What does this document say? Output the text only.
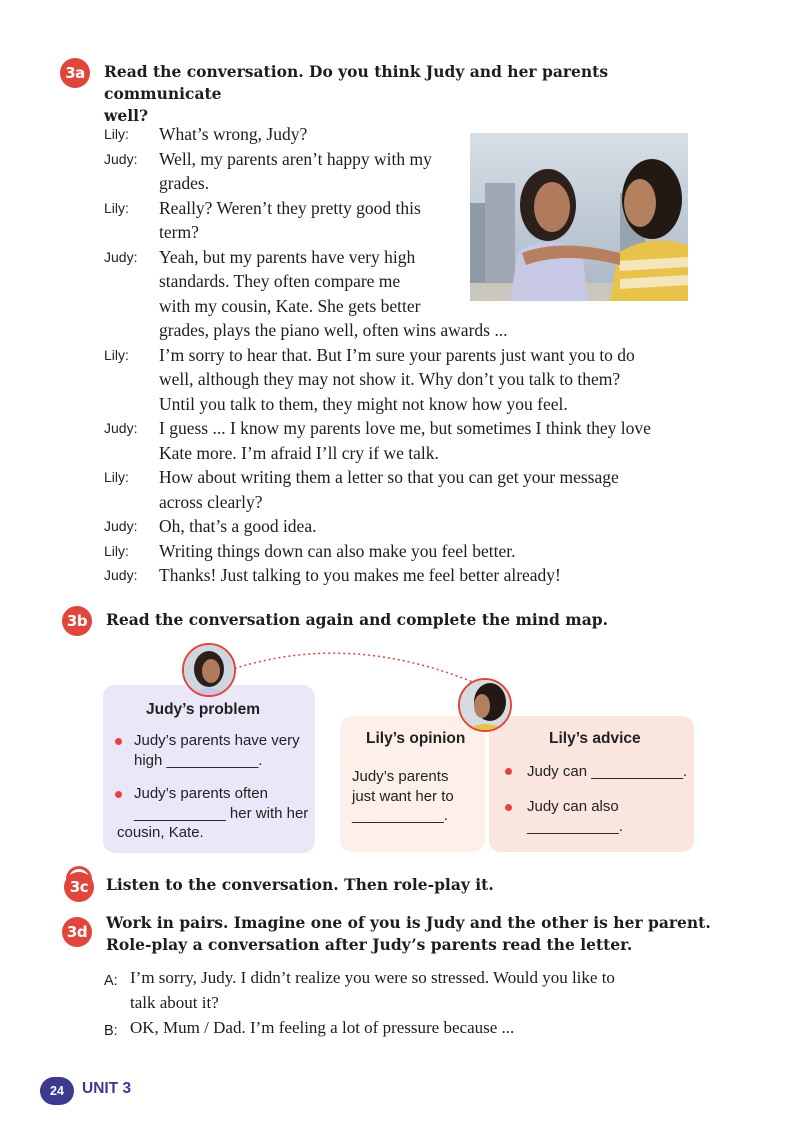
3a	Read the conversation. Do you think Judy and her parents communicate
well?
Lily: What’s wrong, Judy?
Judy: Well, my parents aren’t happy with my
grades.
Lily: Really? Weren’t they pretty good this
term?
Judy: Yeah, but my parents have very high
standards. They often compare me
with my cousin, Kate. She gets better
grades, plays the piano well, often wins awards ...
Lily: I’m sorry to hear that. But I’m sure your parents just want you to do
well, although they may not show it. Why don’t you talk to them?
Until you talk to them, they might not know how you feel.
Judy: I guess ... I know my parents love me, but sometimes I think they love
Kate more. I’m afraid I’ll cry if we talk.
Lily: How about writing them a letter so that you can get your message
across clearly?
Judy: Oh, that’s a good idea.
Lily: Writing things down can also make you feel better.
Judy: Thanks! Just talking to you makes me feel better already!
3b	Read the conversation again and complete the mind map.
Judy’s problem
Judy’s parents have very
high ___________.
Judy’s parents often
___________ her with her
cousin, Kate.
Lily’s opinion
Judy’s parents
just want her to
___________.
Lily’s advice
Judy can ___________.
Judy can also
___________.
3c Listen to the conversation. Then role-play it.
3d	Work in pairs. Imagine one of you is Judy and the other is her parent.
Role-play a conversation after Judy’s parents read the letter.
A: I’m sorry, Judy. I didn’t realize you were so stressed. Would you like to
talk about it?
B: OK, Mum / Dad. I’m feeling a lot of pressure because ...
24	UNIT 3
